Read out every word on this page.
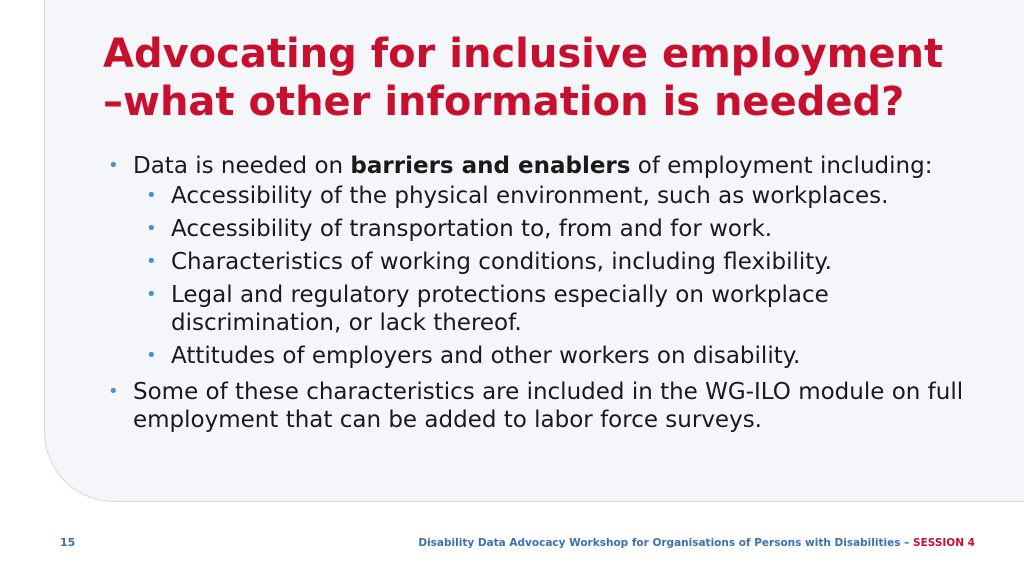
Advocating for inclusive employment
–what other information is needed?
• Data is needed on barriers and enablers of employment including:
• Accessibility of the physical environment, such as workplaces.
• Accessibility of transportation to, from and for work.
• Characteristics of working conditions, including flexibility.
• Legal and regulatory protections especially on workplace discrimination, or lack thereof.
• Attitudes of employers and other workers on disability.
• Some of these characteristics are included in the WG-ILO module on full employment that can be added to labor force surveys.
15	Disability Data Advocacy Workshop for Organisations of Persons with Disabilities – SESSION 4
